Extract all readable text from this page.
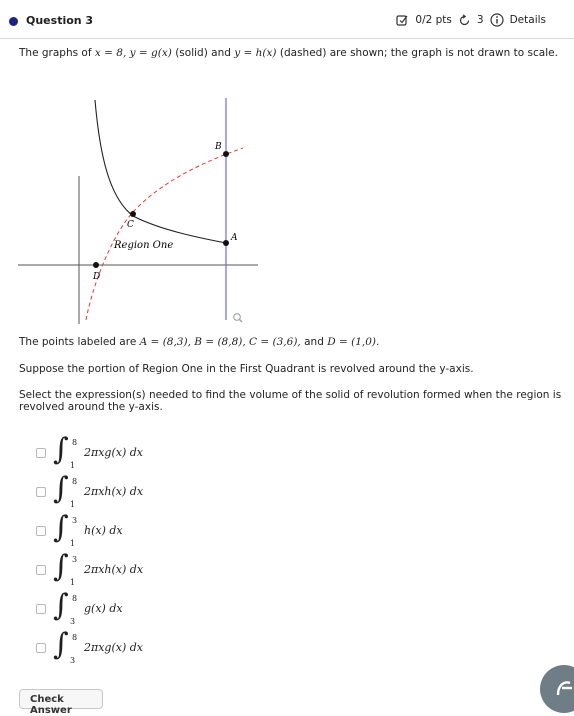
Question 3	0/2 pts 3 Details
The graphs of x = 8, y = g(x) (solid) and y = h(x) (dashed) are shown; the graph is not drawn to scale.
A
B
C
D
Region One
The points labeled are A = (8,3), B = (8,8), C = (3,6), and D = (1,0).
Suppose the portion of Region One in the First Quadrant is revolved around the y-axis.
Select the expression(s) needed to find the volume of the solid of revolution formed when the region is
revolved around the y-axis.
∫ 8
1
2πxg(x) dx
∫ 8
1
2πxh(x) dx
∫ 3
1
h(x) dx
∫ 3
1
2πxh(x) dx
∫ 8
3
g(x) dx
∫ 8
3
2πxg(x) dx
Check Answer
